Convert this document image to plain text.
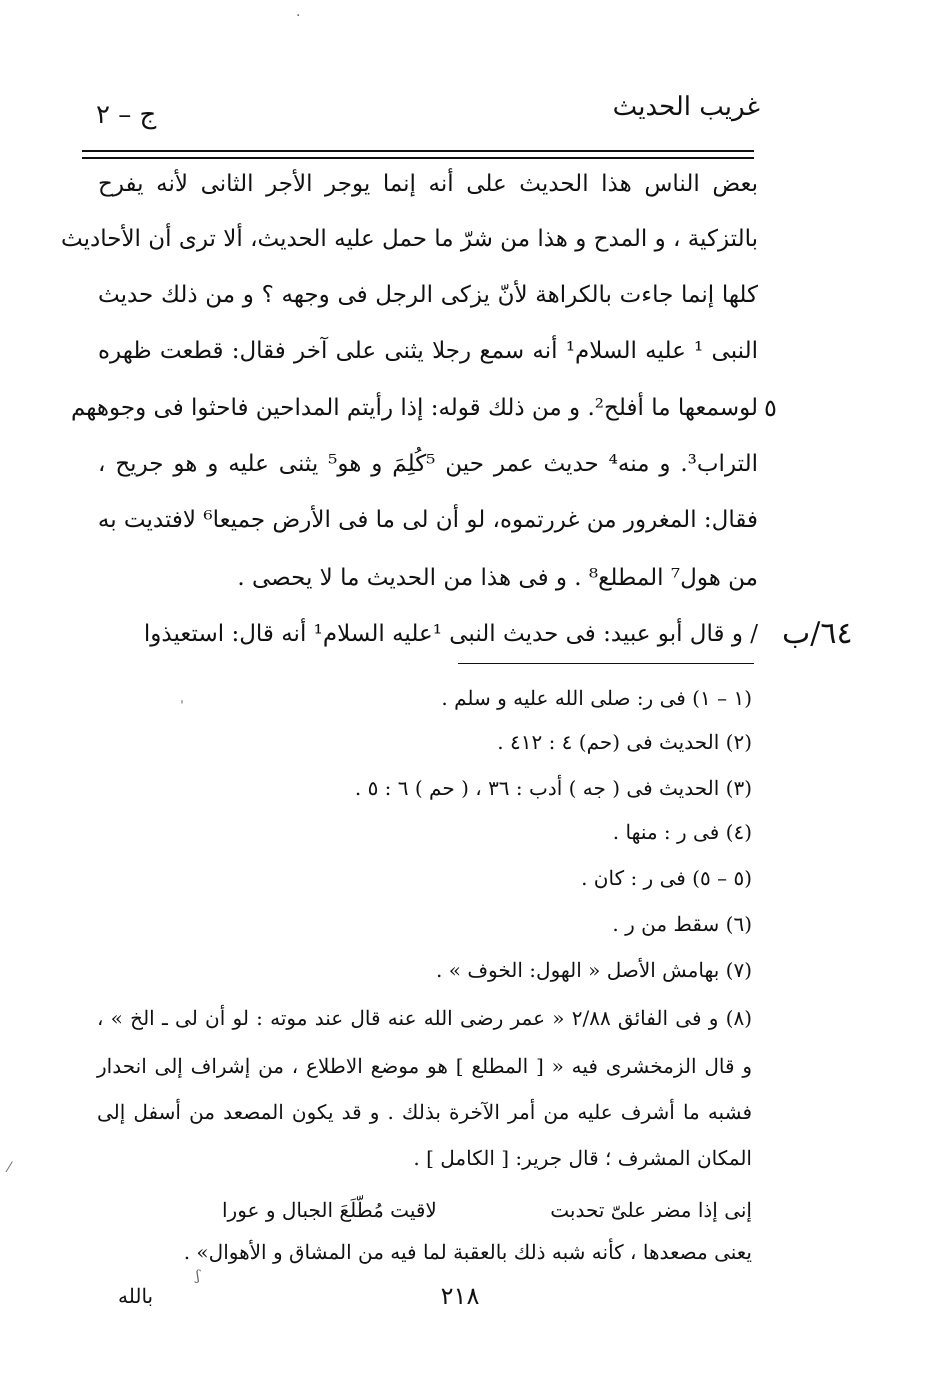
غريب الحديث
ج – ٢
بعض الناس هذا الحديث على أنه إنما يوجر الأجر الثانى لأنه يفرح
بالتزكية ، و المدح و هذا من شرّ ما حمل عليه الحديث، ألا ترى أن الأحاديث
كلها إنما جاءت بالكراهة لأنّ يزكى الرجل فى وجهه ؟ و من ذلك حديث
النبى ¹ عليه السلام¹ أنه سمع رجلا يثنى على آخر فقال: قطعت ظهره
لوسمعها ما أفلح². و من ذلك قوله: إذا رأيتم المداحين فاحثوا فى وجوههم
التراب³. و منه⁴ حديث عمر حين ⁵كُلِمَ و هو⁵ يثنى عليه و هو جريح ،
فقال: المغرور من غررتموه، لو أن لى ما فى الأرض جميعا⁶ لافتديت به
من هول⁷ المطلع⁸ . و فى هذا من الحديث ما لا يحصى .
/ و قال أبو عبيد: فى حديث النبى ¹عليه السلام¹ أنه قال: استعيذوا
٥
٦٤/ب
(١ – ١) فى ر: صلى الله عليه و سلم .
(٢) الحديث فى (حم) ٤ : ٤١٢ .
(٣) الحديث فى ( جه ) أدب : ٣٦ ، ( حم ) ٦ : ٥ .
(٤) فى ر : منها .
(٥ – ٥) فى ر : كان .
(٦) سقط من ر .
(٧) بهامش الأصل « الهول: الخوف » .
(٨) و فى الفائق ٢/٨٨ « عمر رضى الله عنه قال عند موته : لو أن لى ـ الخ » ،
و قال الزمخشرى فيه « [ المطلع ] هو موضع الاطلاع ، من إشراف إلى انحدار
فشبه ما أشرف عليه من أمر الآخرة بذلك . و قد يكون المصعد من أسفل إلى
المكان المشرف ؛ قال جرير: [ الكامل ] .
إنى إذا مضر علىّ تحدبت
لاقيت مُطّلَعَ الجبال و عورا
يعنى مصعدها ، كأنه شبه ذلك بالعقبة لما فيه من المشاق و الأهوال» .
٢١٨
بالله
·
ˌ
⁄
ʃ
